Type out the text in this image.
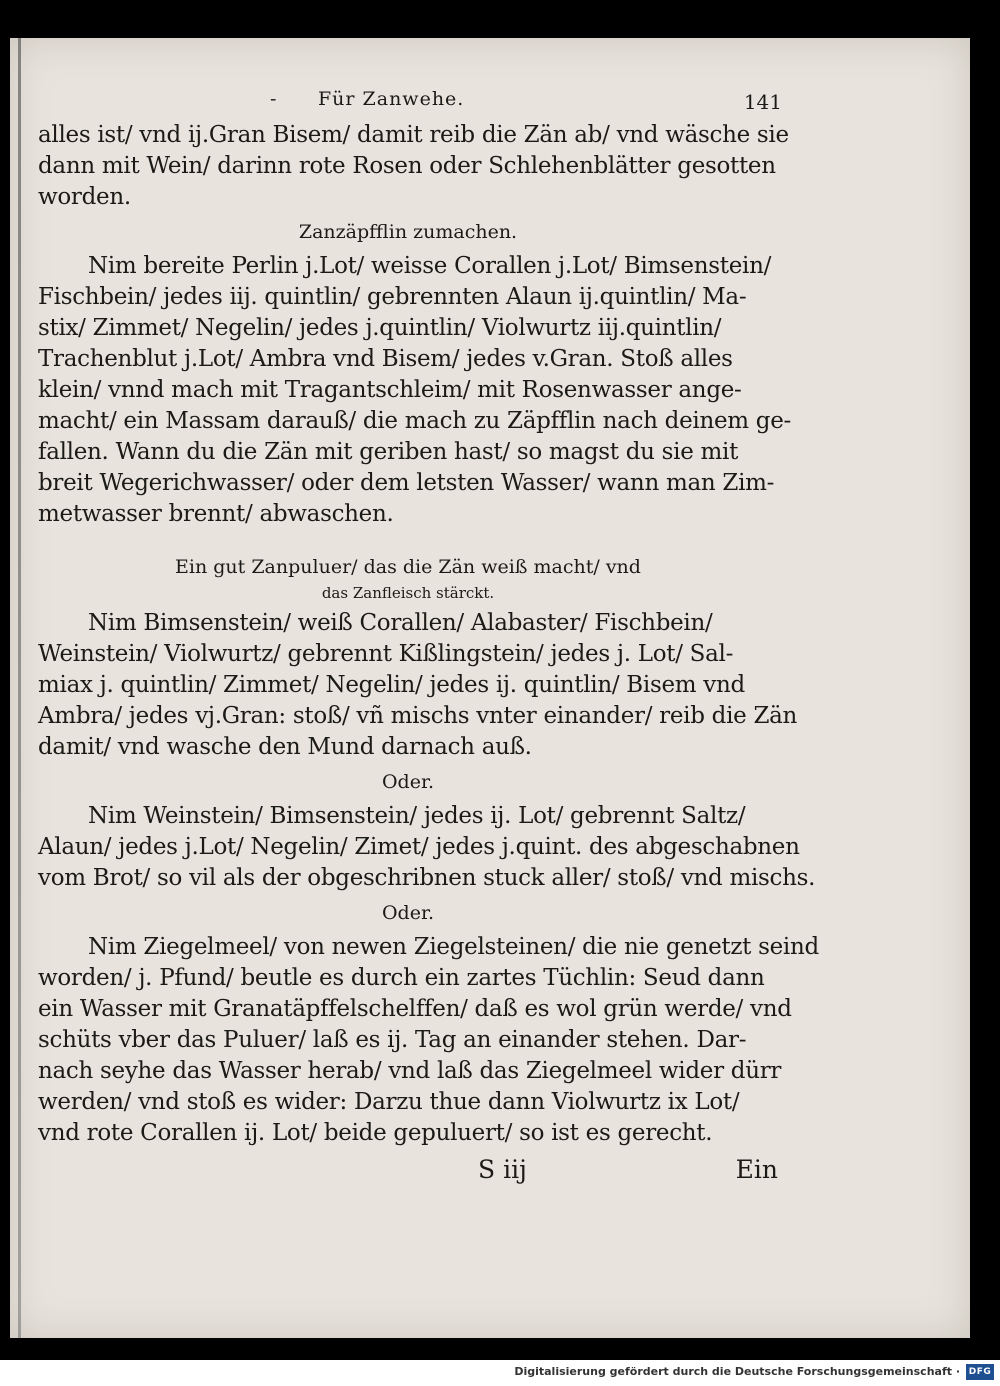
- Für Zanwehe.	141
alles ist/ vnd ij.Gran Bisem/ damit reib die Zän ab/ vnd wäsche sie
dann mit Wein/ darinn rote Rosen oder Schlehenblätter gesotten
worden.
Zanzäpfflin zumachen.
Nim bereite Perlin j.Lot/ weisse Corallen j.Lot/ Bimsenstein/
Fischbein/ jedes iij. quintlin/ gebrennten Alaun ij.quintlin/ Ma-
stix/ Zimmet/ Negelin/ jedes j.quintlin/ Violwurtz iij.quintlin/
Trachenblut j.Lot/ Ambra vnd Bisem/ jedes v.Gran. Stoß alles
klein/ vnnd mach mit Tragantschleim/ mit Rosenwasser ange-
macht/ ein Massam darauß/ die mach zu Zäpfflin nach deinem ge-
fallen. Wann du die Zän mit geriben hast/ so magst du sie mit
breit Wegerichwasser/ oder dem letsten Wasser/ wann man Zim-
metwasser brennt/ abwaschen.
Ein gut Zanpuluer/ das die Zän weiß macht/ vnd
das Zanfleisch stärckt.
Nim Bimsenstein/ weiß Corallen/ Alabaster/ Fischbein/
Weinstein/ Violwurtz/ gebrennt Kißlingstein/ jedes j. Lot/ Sal-
miax j. quintlin/ Zimmet/ Negelin/ jedes ij. quintlin/ Bisem vnd
Ambra/ jedes vj.Gran: stoß/ vñ mischs vnter einander/ reib die Zän
damit/ vnd wasche den Mund darnach auß.
Oder.
Nim Weinstein/ Bimsenstein/ jedes ij. Lot/ gebrennt Saltz/
Alaun/ jedes j.Lot/ Negelin/ Zimet/ jedes j.quint. des abgeschabnen
vom Brot/ so vil als der obgeschribnen stuck aller/ stoß/ vnd mischs.
Oder.
Nim Ziegelmeel/ von newen Ziegelsteinen/ die nie genetzt seind
worden/ j. Pfund/ beutle es durch ein zartes Tüchlin: Seud dann
ein Wasser mit Granatäpffelschelffen/ daß es wol grün werde/ vnd
schüts vber das Puluer/ laß es ij. Tag an einander stehen. Dar-
nach seyhe das Wasser herab/ vnd laß das Ziegelmeel wider dürr
werden/ vnd stoß es wider: Darzu thue dann Violwurtz ix Lot/
vnd rote Corallen ij. Lot/ beide gepuluert/ so ist es gerecht.
S iij	Ein
Digitalisierung gefördert durch die Deutsche Forschungsgemeinschaft · DFG
